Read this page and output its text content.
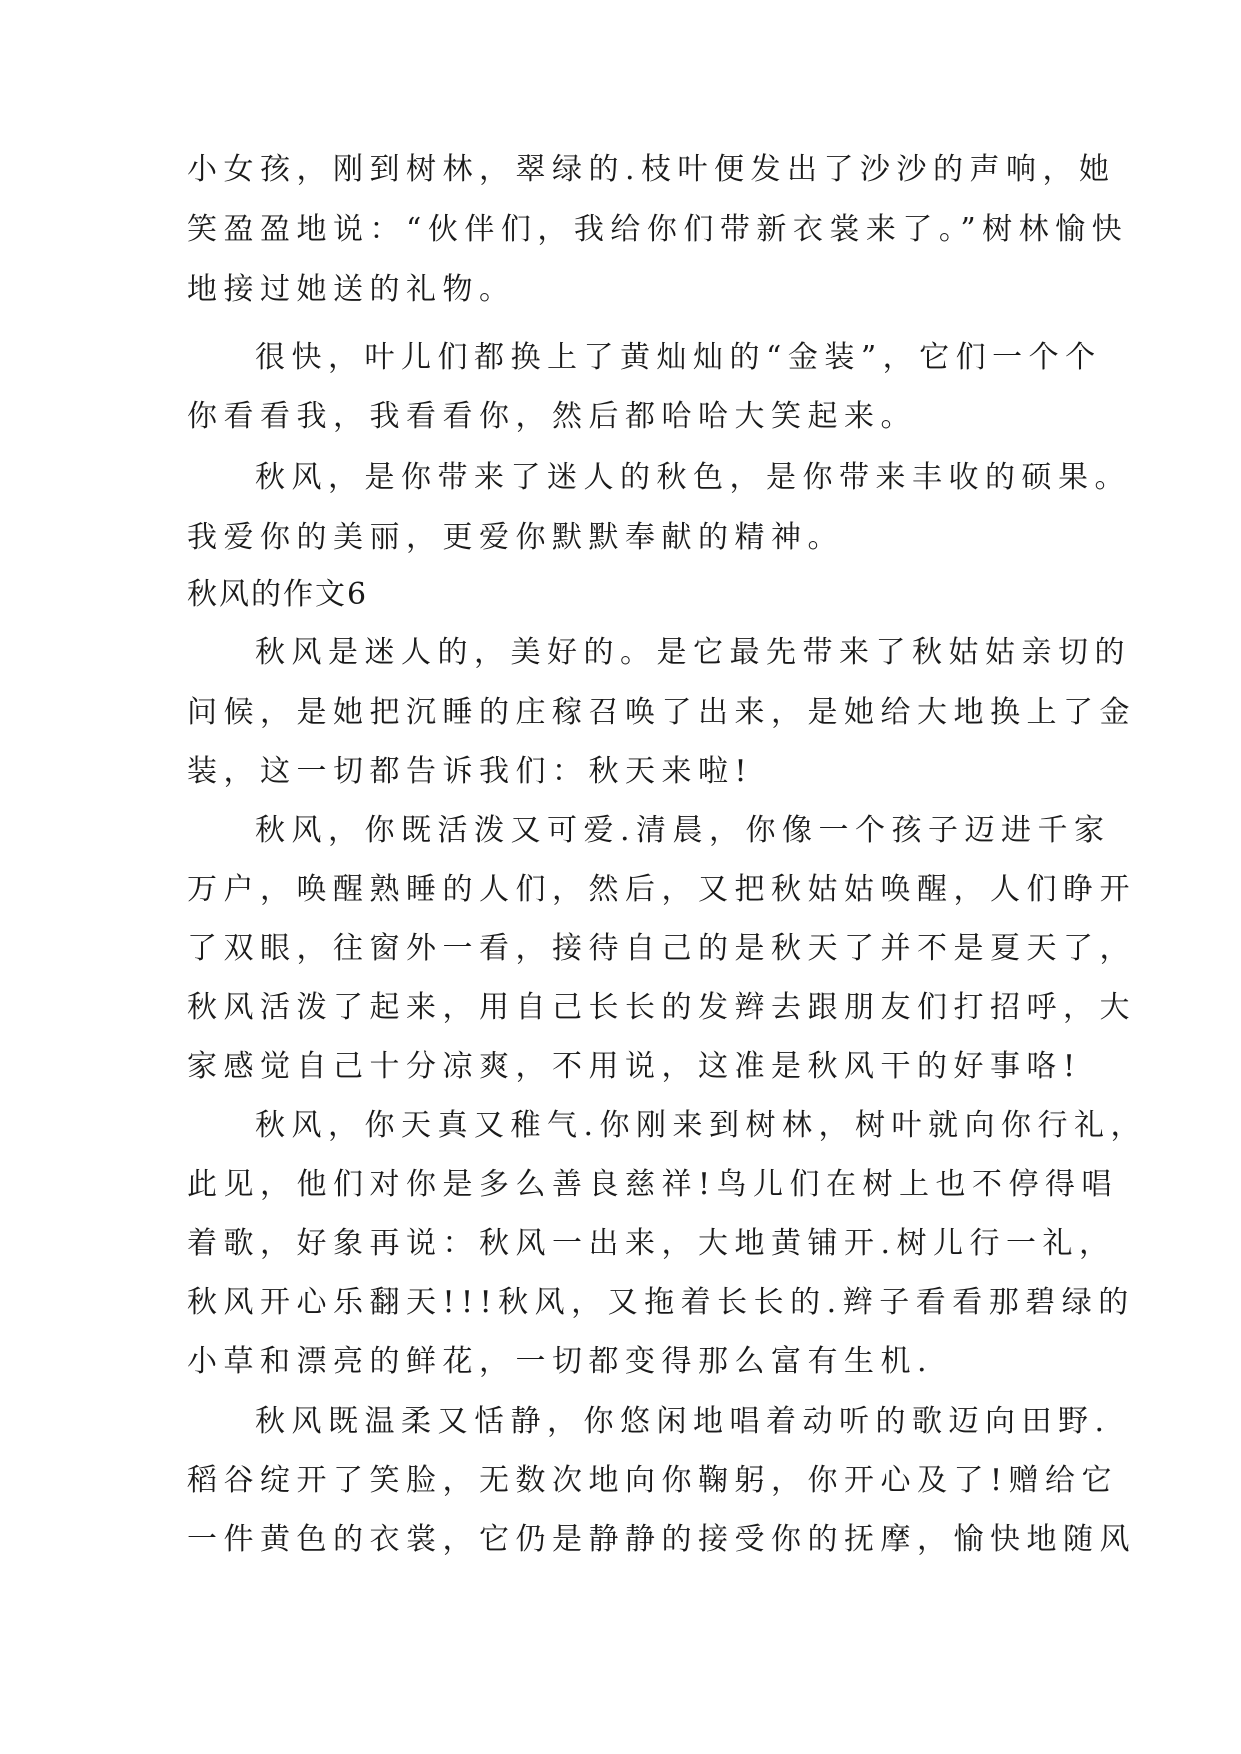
小女孩，刚到树林，翠绿的.枝叶便发出了沙沙的声响，她

笑盈盈地说：“伙伴们，我给你们带新衣裳来了。”树林愉快

地接过她送的礼物。

很快，叶儿们都换上了黄灿灿的“金装”，它们一个个

你看看我，我看看你，然后都哈哈大笑起来。

秋风，是你带来了迷人的秋色，是你带来丰收的硕果。

我爱你的美丽，更爱你默默奉献的精神。

秋风的作文6

秋风是迷人的，美好的。是它最先带来了秋姑姑亲切的

问候，是她把沉睡的庄稼召唤了出来，是她给大地换上了金

装，这一切都告诉我们：秋天来啦!

秋风，你既活泼又可爱.清晨，你像一个孩子迈进千家

万户，唤醒熟睡的人们，然后，又把秋姑姑唤醒，人们睁开

了双眼，往窗外一看，接待自己的是秋天了并不是夏天了，

秋风活泼了起来，用自己长长的发辫去跟朋友们打招呼，大

家感觉自己十分凉爽，不用说，这准是秋风干的好事咯!

秋风，你天真又稚气.你刚来到树林，树叶就向你行礼，

此见，他们对你是多么善良慈祥!鸟儿们在树上也不停得唱

着歌，好象再说：秋风一出来，大地黄铺开.树儿行一礼，

秋风开心乐翻天!!!秋风，又拖着长长的.辫子看看那碧绿的

小草和漂亮的鲜花，一切都变得那么富有生机.

秋风既温柔又恬静，你悠闲地唱着动听的歌迈向田野.

稻谷绽开了笑脸，无数次地向你鞠躬，你开心及了!赠给它

一件黄色的衣裳，它仍是静静的接受你的抚摩，愉快地随风
